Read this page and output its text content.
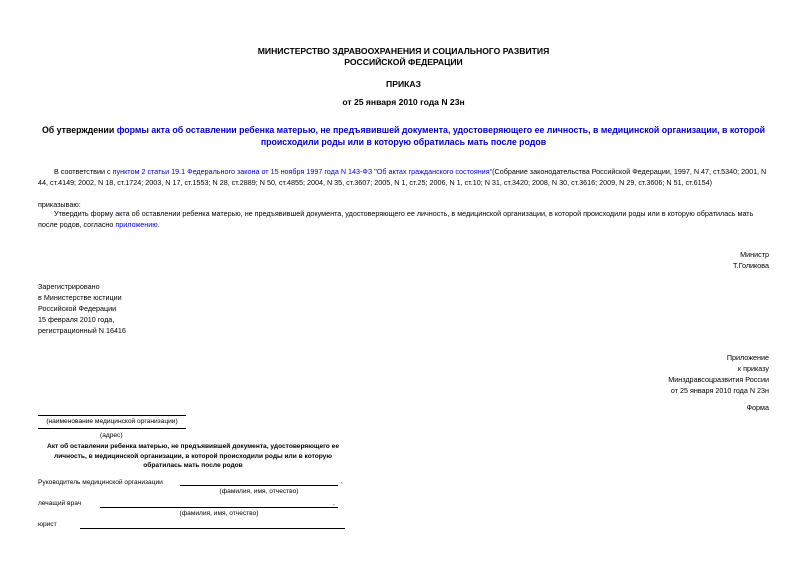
МИНИСТЕРСТВО ЗДРАВООХРАНЕНИЯ И СОЦИАЛЬНОГО РАЗВИТИЯ
РОССИЙСКОЙ ФЕДЕРАЦИИ
ПРИКАЗ
от 25 января 2010 года N 23н
Об утверждении формы акта об оставлении ребенка матерью, не предъявившей документа, удостоверяющего ее личность, в медицинской организации, в которой происходили роды или в которую обратилась мать после родов
В соответствии с пунктом 2 статьи 19.1 Федерального закона от 15 ноября 1997 года N 143-ФЗ "Об актах гражданского состояния"(Собрание законодательства Российской Федерации, 1997, N 47, ст.5340; 2001, N 44, ст.4149; 2002, N 18, ст.1724; 2003, N 17, ст.1553; N 28, ст.2889; N 50, ст.4855; 2004, N 35, ст.3607; 2005, N 1, ст.25; 2006, N 1, ст.10; N 31, ст.3420; 2008, N 30, ст.3616; 2009, N 29, ст.3606; N 51, ст.6154)
приказываю:
Утвердить форму акта об оставлении ребенка матерью, не предъявившей документа, удостоверяющего ее личность, в медицинской организации, в которой происходили роды или в которую обратилась мать после родов, согласно приложению.
Министр
Т.Голикова
Зарегистрировано
в Министерстве юстиции
Российской Федерации
15 февраля 2010 года,
регистрационный N 16416
Приложение
к приказу
Минздравсоцразвития России
от 25 января 2010 года N 23н
Форма
(наименование медицинской организации)
(адрес)
Акт об оставлении ребенка матерью, не предъявившей документа, удостоверяющего ее личность, в медицинской организации, в которой происходили роды или в которую обратилась мать после родов
Руководитель медицинской организации	,
(фамилия, имя, отчество)
лечащий врач	,
(фамилия, имя, отчество)
юрист
